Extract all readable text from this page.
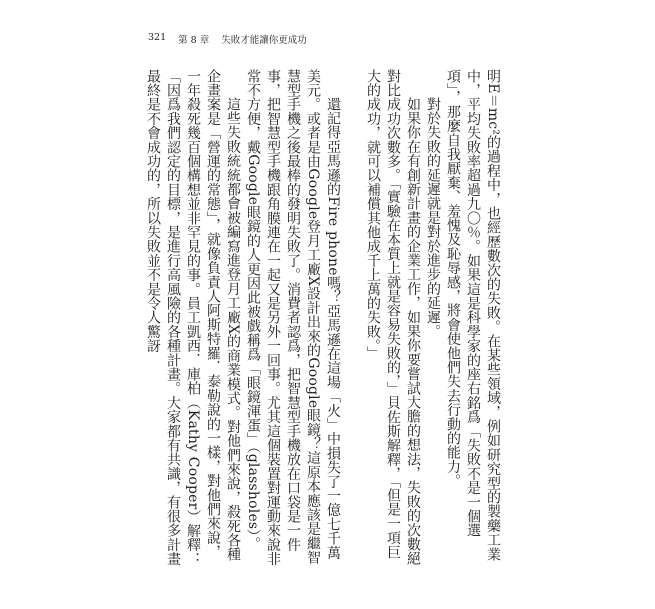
321 第 8 章 失敗才能讓你更成功

明E＝mc²的過程中，也經歷數次的失敗。在某些領域，例如研究型的製藥工業中，平均失敗率超過九〇％。如果這是科學家的座右銘爲「失敗不是一個選項」，那麼自我厭棄、羞愧及恥辱感，將會使他們失去行動的能力。

對於失敗的延遲就是對於進步的延遲。

如果你在有創新計畫的企業工作，如果你要嘗試大膽的想法，失敗的次數絕對比成功次數多。「實驗在本質上就是容易失敗的，」貝佐斯解釋，「但是一項巨大的成功，就可以補償其他成千上萬的失敗。」

還記得亞馬遜的Fire phone嗎？亞馬遜在這場「火」中損失了一億七千萬美元。或者是由Google登月工廠X設計出來的Google眼鏡？這原本應該是繼智慧型手機之後最棒的發明失敗了。消費者認爲，把智慧型手機放在口袋是一件事，把智慧型手機跟角膜連在一起又是另外一回事。尤其這個裝置對運動來說非常不方便，戴Google眼鏡的人更因此被戲稱爲「眼鏡渾蛋」（glassholes）。

這些失敗統統都會被編寫進登月工廠X的商業模式。對他們來說，殺死各種企畫案是「營運的常態」，就像負責人阿斯特羅．泰勒說的一樣，對他們來說，一年殺死幾百個構想並非罕見的事。員工凱西．庫柏（Kathy Cooper）解釋：「因爲我們認定的目標，是進行高風險的各種計畫。大家都有共識，有很多計畫最終是不會成功的，所以失敗並不是令人驚訝
